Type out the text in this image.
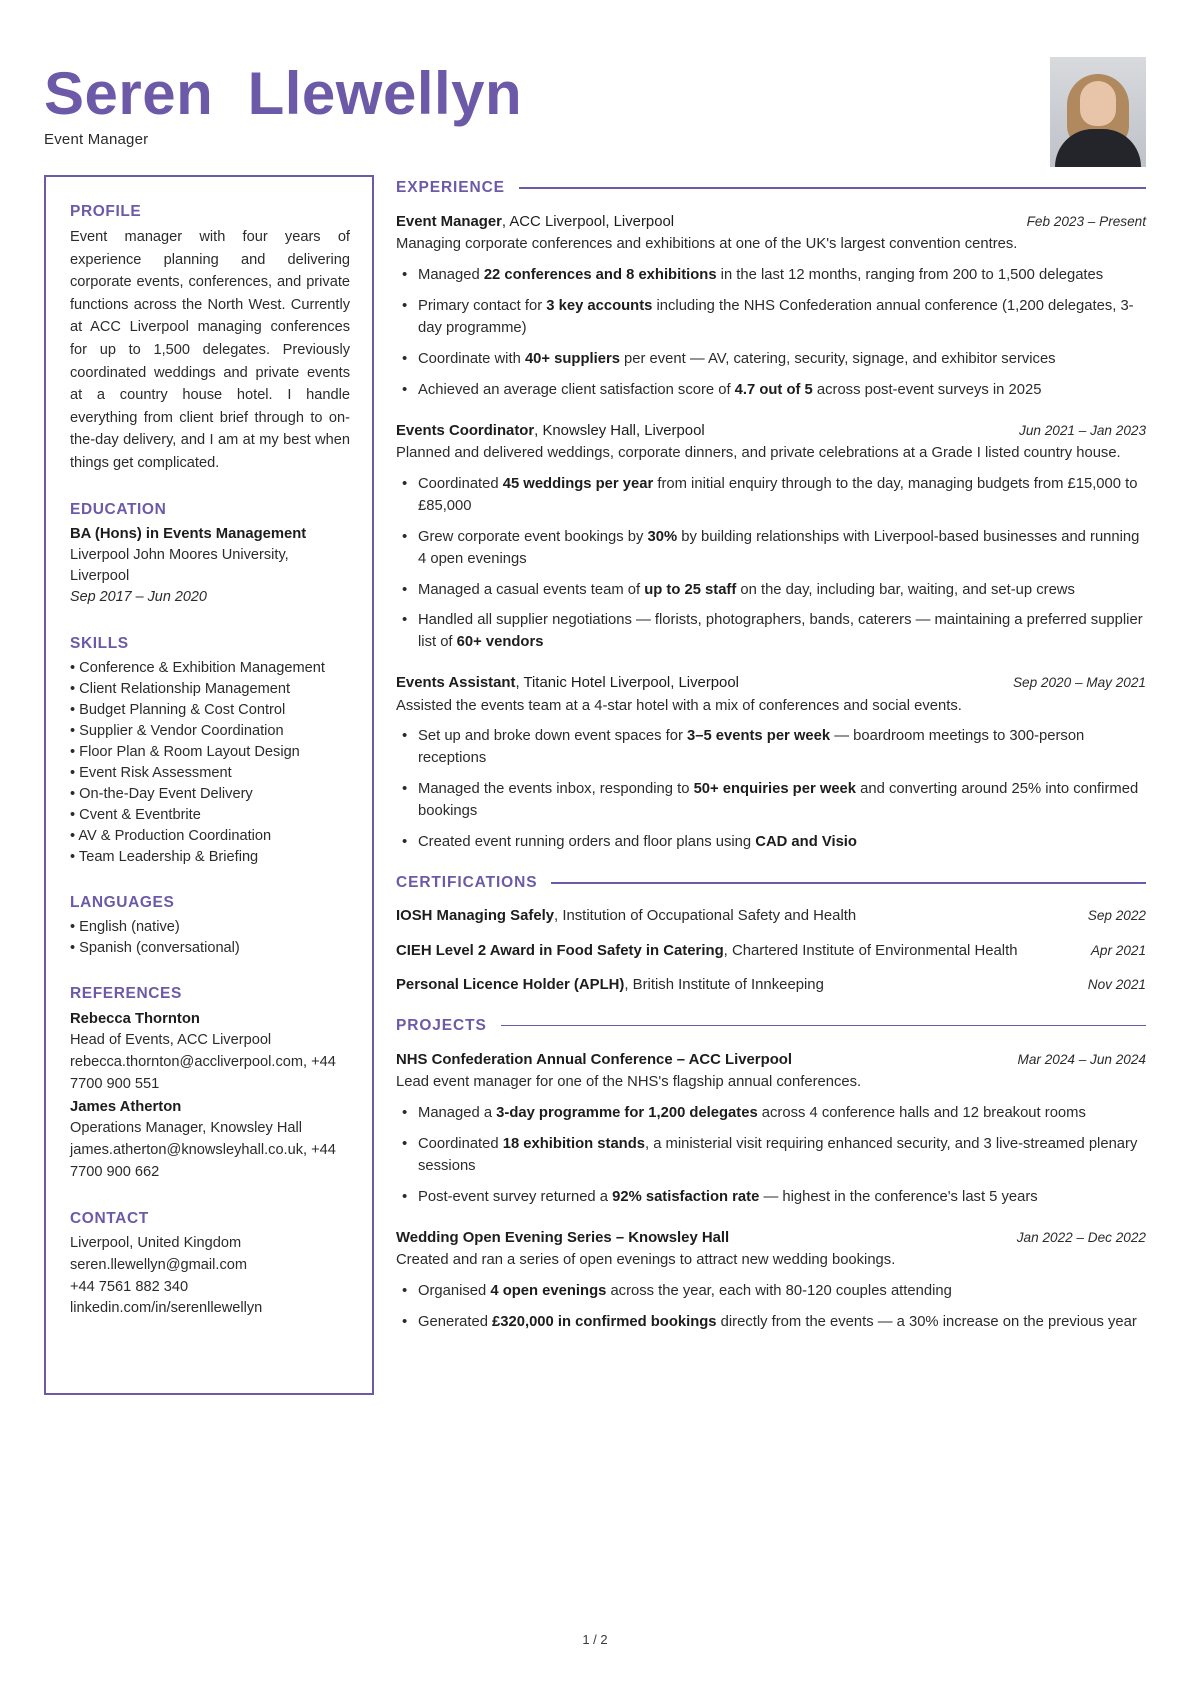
Seren  Llewellyn
Event Manager
PROFILE
Event manager with four years of experience planning and delivering corporate events, conferences, and private functions across the North West. Currently at ACC Liverpool managing conferences for up to 1,500 delegates. Previously coordinated weddings and private events at a country house hotel. I handle everything from client brief through to on-the-day delivery, and I am at my best when things get complicated.
EDUCATION
BA (Hons) in Events Management
Liverpool John Moores University, Liverpool
Sep 2017 – Jun 2020
SKILLS
• Conference & Exhibition Management
• Client Relationship Management
• Budget Planning & Cost Control
• Supplier & Vendor Coordination
• Floor Plan & Room Layout Design
• Event Risk Assessment
• On-the-Day Event Delivery
• Cvent & Eventbrite
• AV & Production Coordination
• Team Leadership & Briefing
LANGUAGES
• English (native)
• Spanish (conversational)
REFERENCES
Rebecca Thornton
Head of Events, ACC Liverpool
rebecca.thornton@accliverpool.com, +44 7700 900 551
James Atherton
Operations Manager, Knowsley Hall
james.atherton@knowsleyhall.co.uk, +44 7700 900 662
CONTACT
Liverpool, United Kingdom
seren.llewellyn@gmail.com
+44 7561 882 340
linkedin.com/in/serenllewellyn
EXPERIENCE
Event Manager, ACC Liverpool, Liverpool	Feb 2023 – Present
Managing corporate conferences and exhibitions at one of the UK's largest convention centres.
• Managed 22 conferences and 8 exhibitions in the last 12 months, ranging from 200 to 1,500 delegates
• Primary contact for 3 key accounts including the NHS Confederation annual conference (1,200 delegates, 3-day programme)
• Coordinate with 40+ suppliers per event — AV, catering, security, signage, and exhibitor services
• Achieved an average client satisfaction score of 4.7 out of 5 across post-event surveys in 2025
Events Coordinator, Knowsley Hall, Liverpool	Jun 2021 – Jan 2023
Planned and delivered weddings, corporate dinners, and private celebrations at a Grade I listed country house.
• Coordinated 45 weddings per year from initial enquiry through to the day, managing budgets from £15,000 to £85,000
• Grew corporate event bookings by 30% by building relationships with Liverpool-based businesses and running 4 open evenings
• Managed a casual events team of up to 25 staff on the day, including bar, waiting, and set-up crews
• Handled all supplier negotiations — florists, photographers, bands, caterers — maintaining a preferred supplier list of 60+ vendors
Events Assistant, Titanic Hotel Liverpool, Liverpool	Sep 2020 – May 2021
Assisted the events team at a 4-star hotel with a mix of conferences and social events.
• Set up and broke down event spaces for 3–5 events per week — boardroom meetings to 300-person receptions
• Managed the events inbox, responding to 50+ enquiries per week and converting around 25% into confirmed bookings
• Created event running orders and floor plans using CAD and Visio
CERTIFICATIONS
IOSH Managing Safely, Institution of Occupational Safety and Health	Sep 2022
CIEH Level 2 Award in Food Safety in Catering, Chartered Institute of Environmental Health	Apr 2021
Personal Licence Holder (APLH), British Institute of Innkeeping	Nov 2021
PROJECTS
NHS Confederation Annual Conference – ACC Liverpool	Mar 2024 – Jun 2024
Lead event manager for one of the NHS's flagship annual conferences.
• Managed a 3-day programme for 1,200 delegates across 4 conference halls and 12 breakout rooms
• Coordinated 18 exhibition stands, a ministerial visit requiring enhanced security, and 3 live-streamed plenary sessions
• Post-event survey returned a 92% satisfaction rate — highest in the conference's last 5 years
Wedding Open Evening Series – Knowsley Hall	Jan 2022 – Dec 2022
Created and ran a series of open evenings to attract new wedding bookings.
• Organised 4 open evenings across the year, each with 80-120 couples attending
• Generated £320,000 in confirmed bookings directly from the events — a 30% increase on the previous year
1 / 2
